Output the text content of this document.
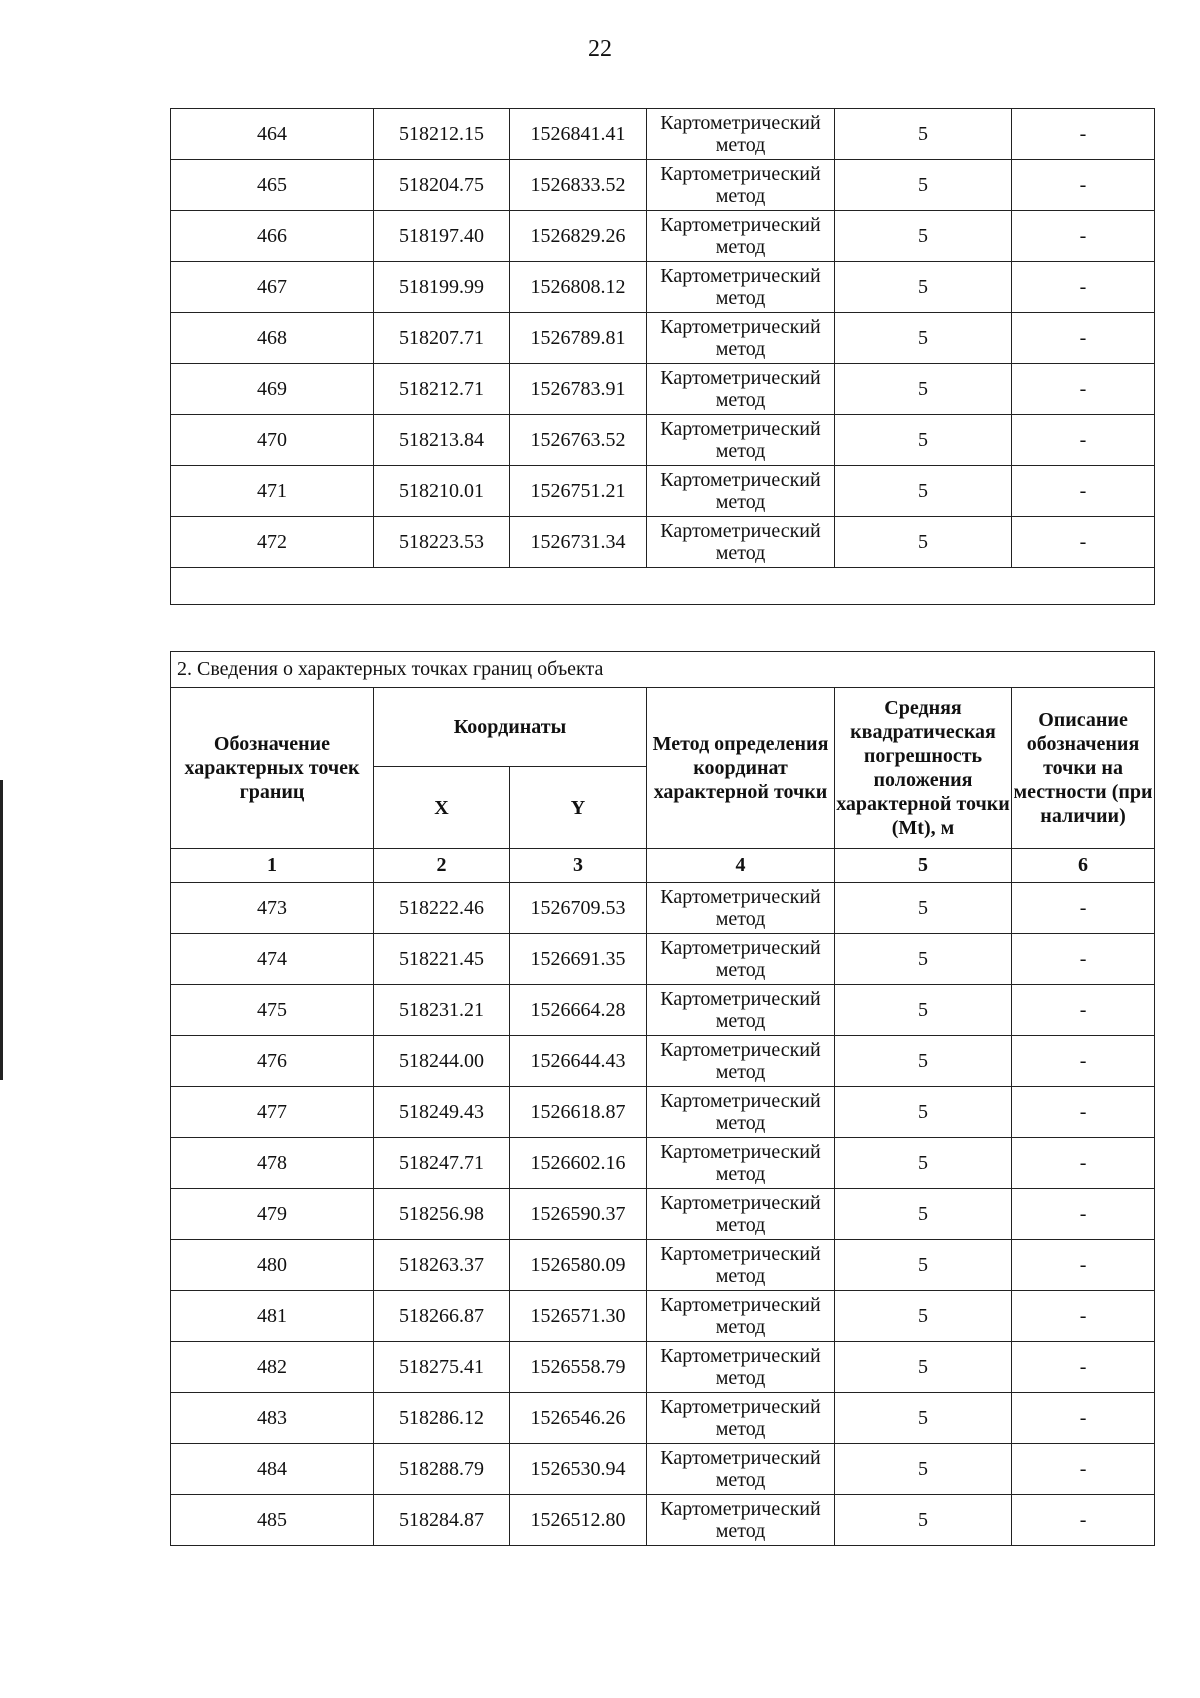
22
464	518212.15	1526841.41	Картометрический метод	5	-
465	518204.75	1526833.52	Картометрический метод	5	-
466	518197.40	1526829.26	Картометрический метод	5	-
467	518199.99	1526808.12	Картометрический метод	5	-
468	518207.71	1526789.81	Картометрический метод	5	-
469	518212.71	1526783.91	Картометрический метод	5	-
470	518213.84	1526763.52	Картометрический метод	5	-
471	518210.01	1526751.21	Картометрический метод	5	-
472	518223.53	1526731.34	Картометрический метод	5	-

2. Сведения о характерных точках границ объекта					
Обозначение характерных точек границ	Координаты		Метод определения координат характерной точки	Средняя квадратическая погрешность положения характерной точки (Mt), м	Описание обозначения точки на местности (при наличии)
	X	Y			
1	2	3	4	5	6
473	518222.46	1526709.53	Картометрический метод	5	-
474	518221.45	1526691.35	Картометрический метод	5	-
475	518231.21	1526664.28	Картометрический метод	5	-
476	518244.00	1526644.43	Картометрический метод	5	-
477	518249.43	1526618.87	Картометрический метод	5	-
478	518247.71	1526602.16	Картометрический метод	5	-
479	518256.98	1526590.37	Картометрический метод	5	-
480	518263.37	1526580.09	Картометрический метод	5	-
481	518266.87	1526571.30	Картометрический метод	5	-
482	518275.41	1526558.79	Картометрический метод	5	-
483	518286.12	1526546.26	Картометрический метод	5	-
484	518288.79	1526530.94	Картометрический метод	5	-
485	518284.87	1526512.80	Картометрический метод	5	-
